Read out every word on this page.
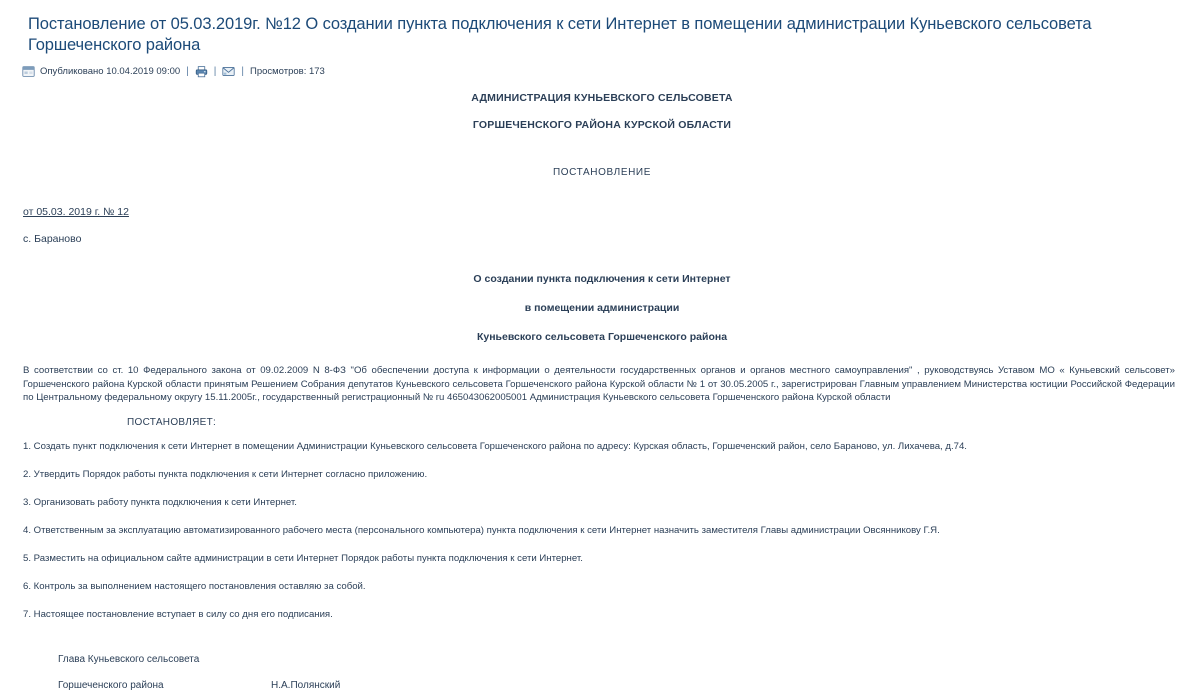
Постановление от 05.03.2019г. №12 О создании пункта подключения к сети Интернет в помещении администрации Куньевского сельсовета Горшеченского района
Опубликовано 10.04.2019 09:00 |	|	| Просмотров: 173
АДМИНИСТРАЦИЯ КУНЬЕВСКОГО СЕЛЬСОВЕТА
ГОРШЕЧЕНСКОГО РАЙОНА КУРСКОЙ ОБЛАСТИ
ПОСТАНОВЛЕНИЕ
от 05.03. 2019 г. № 12
с. Бараново
О создании пункта подключения к сети Интернет
в помещении администрации
Куньевского сельсовета Горшеченского района
В соответствии со ст. 10 Федерального закона от 09.02.2009 N 8-ФЗ "Об обеспечении доступа к информации о деятельности государственных органов и органов местного самоуправления" , руководствуясь Уставом МО « Куньевский сельсовет» Горшеченского района Курской области принятым Решением Собрания депутатов Куньевского сельсовета Горшеченского района Курской области № 1 от 30.05.2005 г., зарегистрирован Главным управлением Министерства юстиции Российской Федерации по Центральному федеральному округу 15.11.2005г., государственный регистрационный № ru 465043062005001 Администрация Куньевского сельсовета Горшеченского района Курской области
ПОСТАНОВЛЯЕТ:
1. Создать пункт подключения к сети Интернет в помещении Администрации Куньевского сельсовета Горшеченского района по адресу: Курская область, Горшеченский район, село Бараново, ул. Лихачева, д.74.
2. Утвердить Порядок работы пункта подключения к сети Интернет согласно приложению.
3. Организовать работу пункта подключения к сети Интернет.
4. Ответственным за эксплуатацию автоматизированного рабочего места (персонального компьютера) пункта подключения к сети Интернет назначить заместителя Главы администрации Овсянникову Г.Я.
5. Разместить на официальном сайте администрации в сети Интернет Порядок работы пункта подключения к сети Интернет.
6. Контроль за выполнением настоящего постановления оставляю за собой.
7. Настоящее постановление вступает в силу со дня его подписания.
Глава Куньевского сельсовета
Горшеченского района	Н.А.Полянский
